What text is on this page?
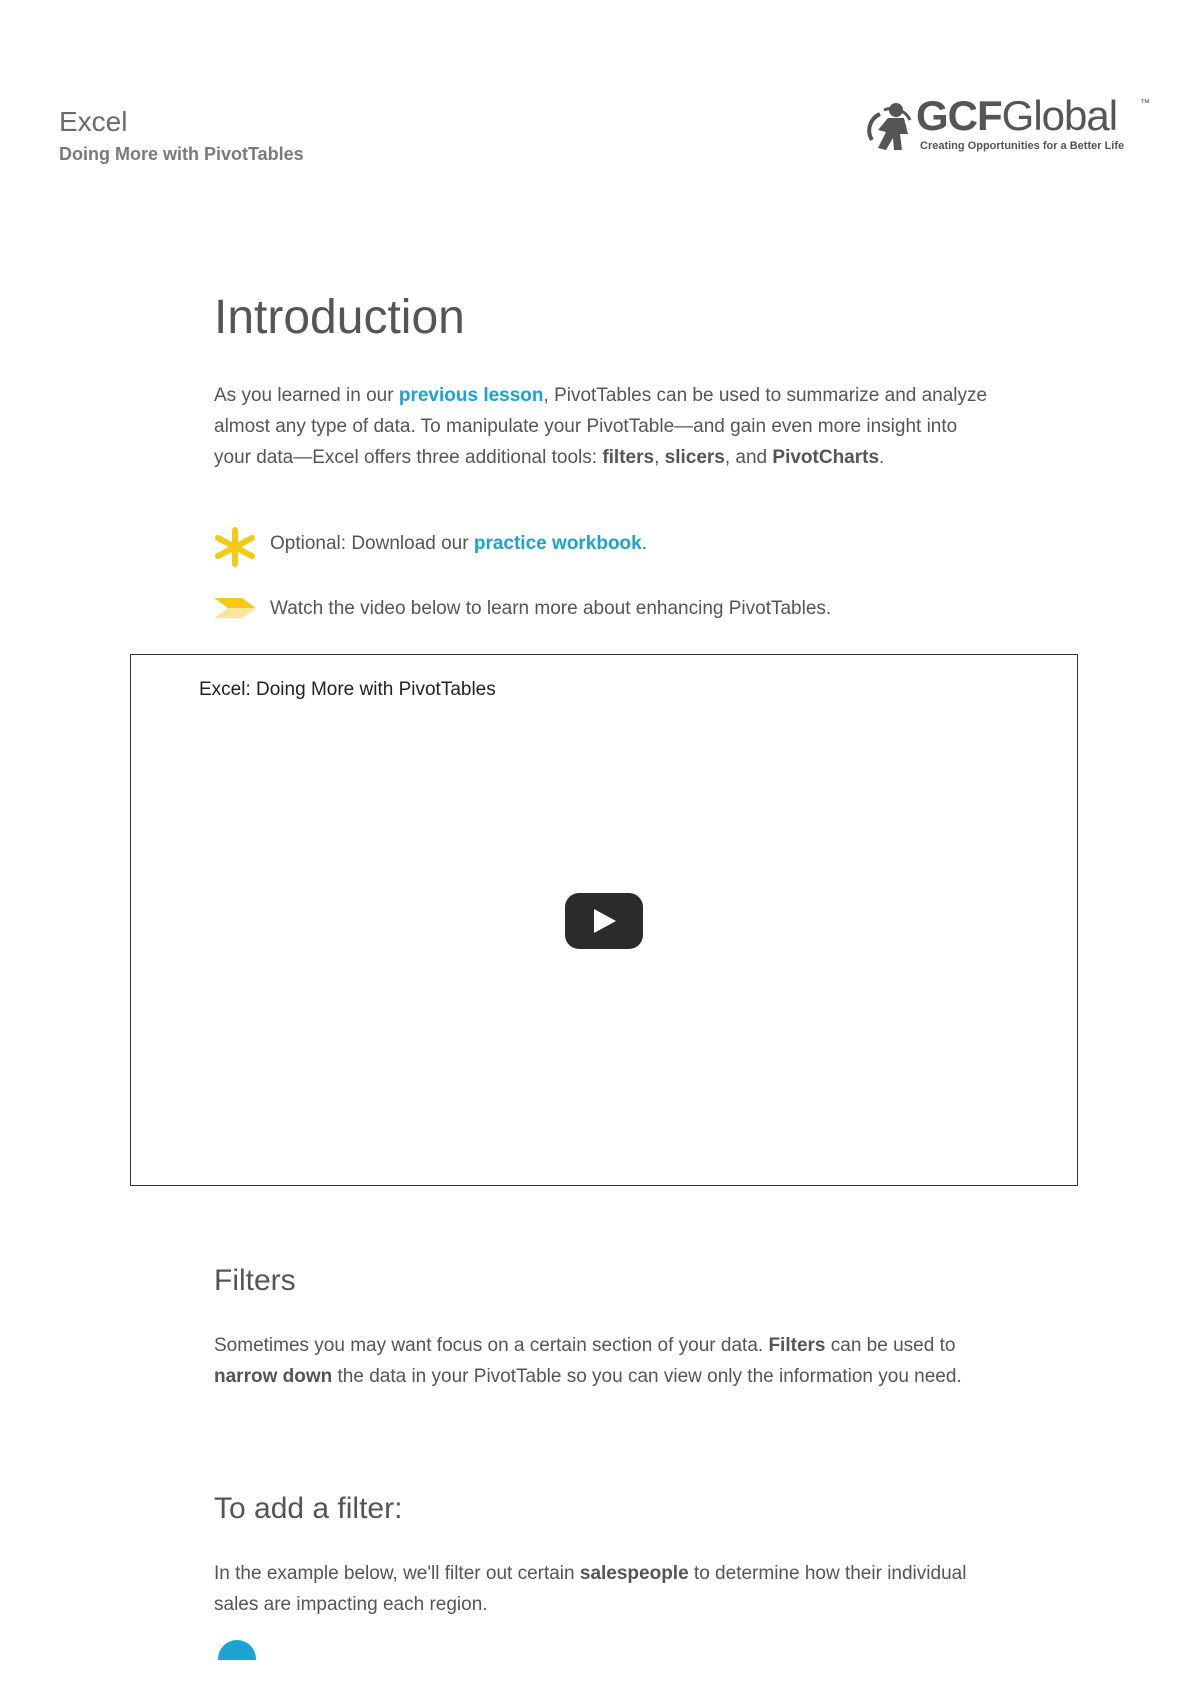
Excel
Doing More with PivotTables
GCFGlobal ™
Creating Opportunities for a Better Life
Introduction

As you learned in our previous lesson, PivotTables can be used to summarize and analyze almost any type of data. To manipulate your PivotTable—and gain even more insight into your data—Excel offers three additional tools: filters, slicers, and PivotCharts.

Optional: Download our practice workbook.
Watch the video below to learn more about enhancing PivotTables.
Excel: Doing More with PivotTables
Filters

Sometimes you may want focus on a certain section of your data. Filters can be used to narrow down the data in your PivotTable so you can view only the information you need.

To add a filter:

In the example below, we'll filter out certain salespeople to determine how their individual sales are impacting each region.
